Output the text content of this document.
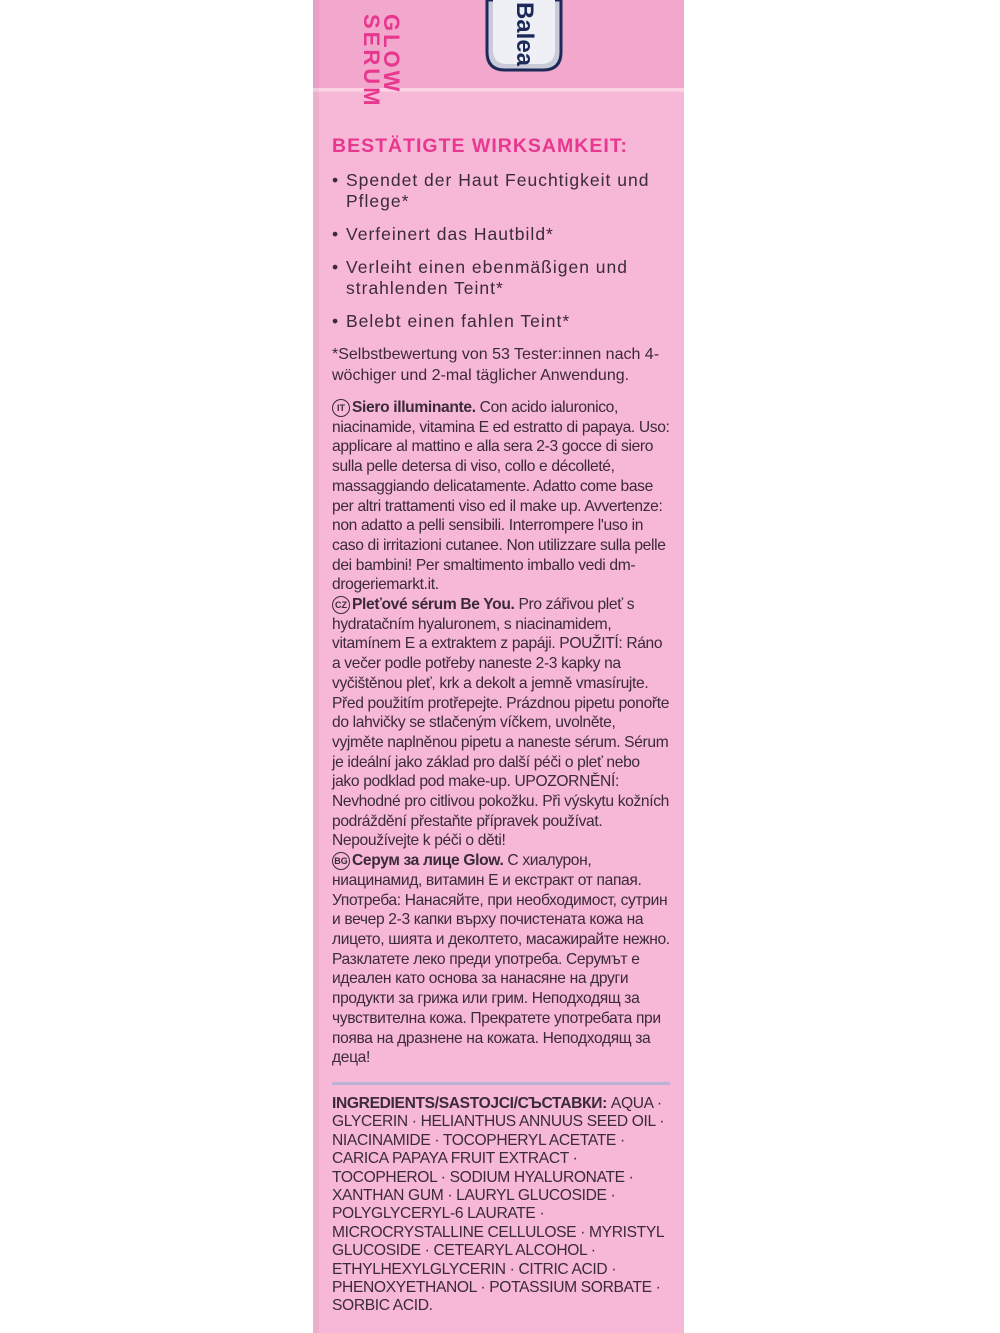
Balea
GLOW
SERUM
BESTÄTIGTE WIRKSAMKEIT:
• Spendet der Haut Feuchtigkeit und Pflege*
• Verfeinert das Hautbild*
• Verleiht einen ebenmäßigen und strahlenden Teint*
• Belebt einen fahlen Teint*
*Selbstbewertung von 53 Tester:innen nach 4-wöchiger und 2-mal täglicher Anwendung.
IT Siero illuminante. Con acido ialuronico, niacinamide, vitamina E ed estratto di papaya. Uso: applicare al mattino e alla sera 2-3 gocce di siero sulla pelle detersa di viso, collo e décolleté, massaggiando delicatamente. Adatto come base per altri trattamenti viso ed il make up. Avvertenze: non adatto a pelli sensibili. Interrompere l'uso in caso di irritazioni cutanee. Non utilizzare sulla pelle dei bambini! Per smaltimento imballo vedi dm-drogeriemarkt.it.
CZ Pleťové sérum Be You. Pro zářivou pleť s hydratačním hyaluronem, s niacinamidem, vitamínem E a extraktem z papáji. POUŽITÍ: Ráno a večer podle potřeby naneste 2-3 kapky na vyčištěnou pleť, krk a dekolt a jemně vmasírujte. Před použitím protřepejte. Prázdnou pipetu ponořte do lahvičky se stlačeným víčkem, uvolněte, vyjměte naplněnou pipetu a naneste sérum. Sérum je ideální jako základ pro další péči o pleť nebo jako podklad pod make-up. UPOZORNĚNÍ: Nevhodné pro citlivou pokožku. Při výskytu kožních podráždění přestaňte přípravek používat. Nepoužívejte k péči o děti!
BG Серум за лице Glow. С хиалурон, ниацинамид, витамин Е и екстракт от папая. Употреба: Нанасяйте, при необходимост, сутрин и вечер 2-3 капки върху почистената кожа на лицето, шията и деколтето, масажирайте нежно. Разклатете леко преди употреба. Серумът е идеален като основа за нанасяне на други продукти за грижа или грим. Неподходящ за чувствителна кожа. Прекратете употребата при поява на дразнене на кожата. Неподходящ за деца!
INGREDIENTS/SASTOJCI/СЪСТАВКИ: AQUA · GLYCERIN · HELIANTHUS ANNUUS SEED OIL · NIACINAMIDE · TOCOPHERYL ACETATE · CARICA PAPAYA FRUIT EXTRACT · TOCOPHEROL · SODIUM HYALURONATE · XANTHAN GUM · LAURYL GLUCOSIDE · POLYGLYCERYL-6 LAURATE · MICROCRYSTALLINE CELLULOSE · MYRISTYL GLUCOSIDE · CETEARYL ALCOHOL · ETHYLHEXYLGLYCERIN · CITRIC ACID · PHENOXYETHANOL · POTASSIUM SORBATE · SORBIC ACID.
